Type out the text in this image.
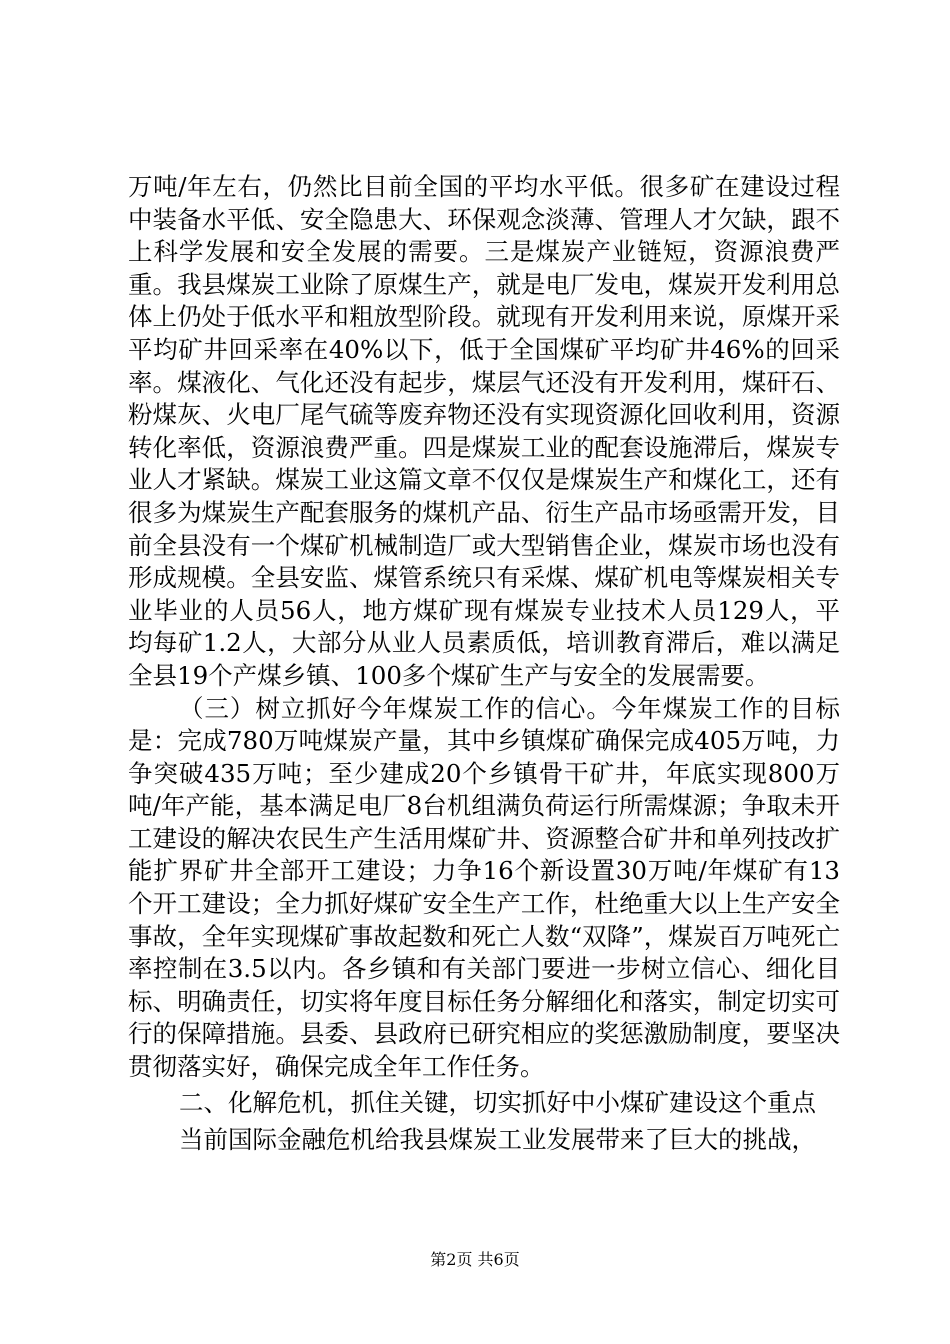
万吨/年左右，仍然比目前全国的平均水平低。很多矿在建设过程中装备水平低、安全隐患大、环保观念淡薄、管理人才欠缺，跟不上科学发展和安全发展的需要。三是煤炭产业链短，资源浪费严重。我县煤炭工业除了原煤生产，就是电厂发电，煤炭开发利用总体上仍处于低水平和粗放型阶段。就现有开发利用来说，原煤开采平均矿井回采率在40%以下，低于全国煤矿平均矿井46%的回采率。煤液化、气化还没有起步，煤层气还没有开发利用，煤矸石、粉煤灰、火电厂尾气硫等废弃物还没有实现资源化回收利用，资源转化率低，资源浪费严重。四是煤炭工业的配套设施滞后，煤炭专业人才紧缺。煤炭工业这篇文章不仅仅是煤炭生产和煤化工，还有很多为煤炭生产配套服务的煤机产品、衍生产品市场亟需开发，目前全县没有一个煤矿机械制造厂或大型销售企业，煤炭市场也没有形成规模。全县安监、煤管系统只有采煤、煤矿机电等煤炭相关专业毕业的人员56人，地方煤矿现有煤炭专业技术人员129人，平均每矿1.2人，大部分从业人员素质低，培训教育滞后，难以满足全县19个产煤乡镇、100多个煤矿生产与安全的发展需要。

（三）树立抓好今年煤炭工作的信心。今年煤炭工作的目标是：完成780万吨煤炭产量，其中乡镇煤矿确保完成405万吨，力争突破435万吨；至少建成20个乡镇骨干矿井，年底实现800万吨/年产能，基本满足电厂8台机组满负荷运行所需煤源；争取未开工建设的解决农民生产生活用煤矿井、资源整合矿井和单列技改扩能扩界矿井全部开工建设；力争16个新设置30万吨/年煤矿有13个开工建设；全力抓好煤矿安全生产工作，杜绝重大以上生产安全事故，全年实现煤矿事故起数和死亡人数“双降”，煤炭百万吨死亡率控制在3.5以内。各乡镇和有关部门要进一步树立信心、细化目标、明确责任，切实将年度目标任务分解细化和落实，制定切实可行的保障措施。县委、县政府已研究相应的奖惩激励制度，要坚决贯彻落实好，确保完成全年工作任务。

二、化解危机，抓住关键，切实抓好中小煤矿建设这个重点

当前国际金融危机给我县煤炭工业发展带来了巨大的挑战，

第2页 共6页
